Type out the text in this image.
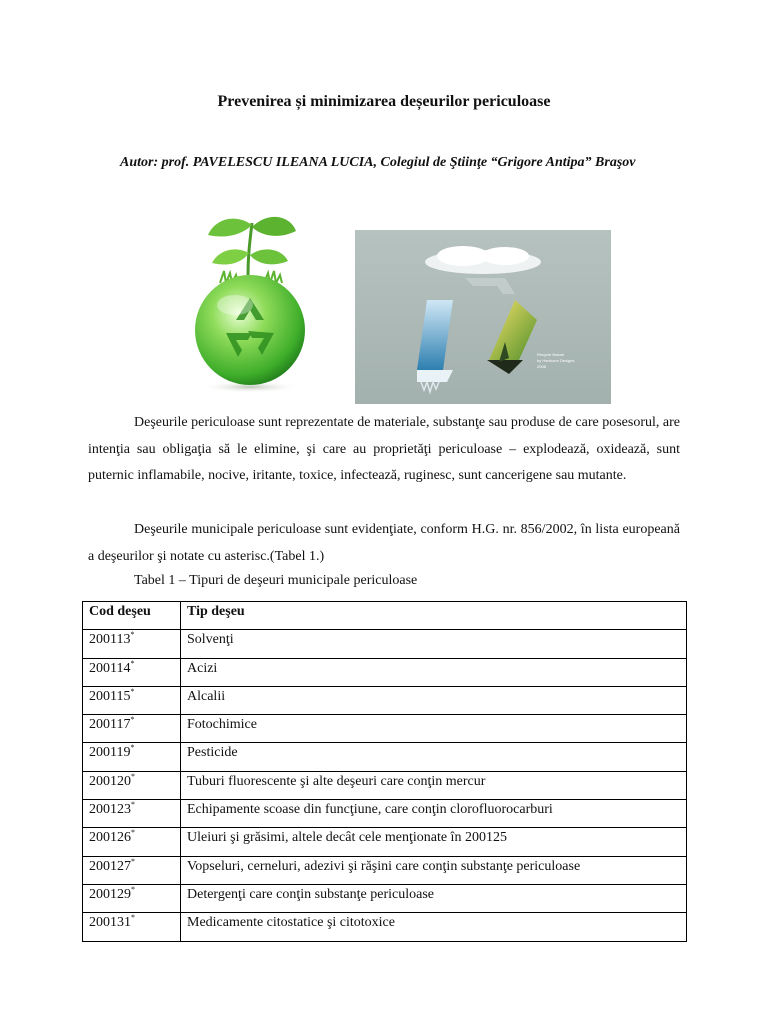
Prevenirea și minimizarea deșeurilor periculoase
Autor: prof. PAVELESCU ILEANA LUCIA, Colegiul de Ştiinţe “Grigore Antipa” Braşov
Recycle Nature
by Hardcore Designs
2008

Deşeurile periculoase sunt reprezentate de materiale, substanţe sau produse de care posesorul, are intenţia sau obligaţia să le elimine, şi care au proprietăţi periculoase – explodează, oxidează, sunt puternic inflamabile, nocive, iritante, toxice, infectează, ruginesc, sunt cancerigene sau mutante.

Deşeurile municipale periculoase sunt evidenţiate, conform H.G. nr. 856/2002, în lista europeană a deşeurilor şi notate cu asterisc.(Tabel 1.)

Tabel 1 – Tipuri de deşeuri municipale periculoase
Cod deşeu	Tip deşeu
200113*	Solvenţi
200114*	Acizi
200115*	Alcalii
200117*	Fotochimice
200119*	Pesticide
200120*	Tuburi fluorescente şi alte deşeuri care conţin mercur
200123*	Echipamente scoase din funcţiune, care conţin clorofluorocarburi
200126*	Uleiuri şi grăsimi, altele decât cele menţionate în 200125
200127*	Vopseluri, cerneluri, adezivi şi răşini care conţin substanţe periculoase
200129*	Detergenţi care conţin substanţe periculoase
200131*	Medicamente citostatice şi citotoxice
